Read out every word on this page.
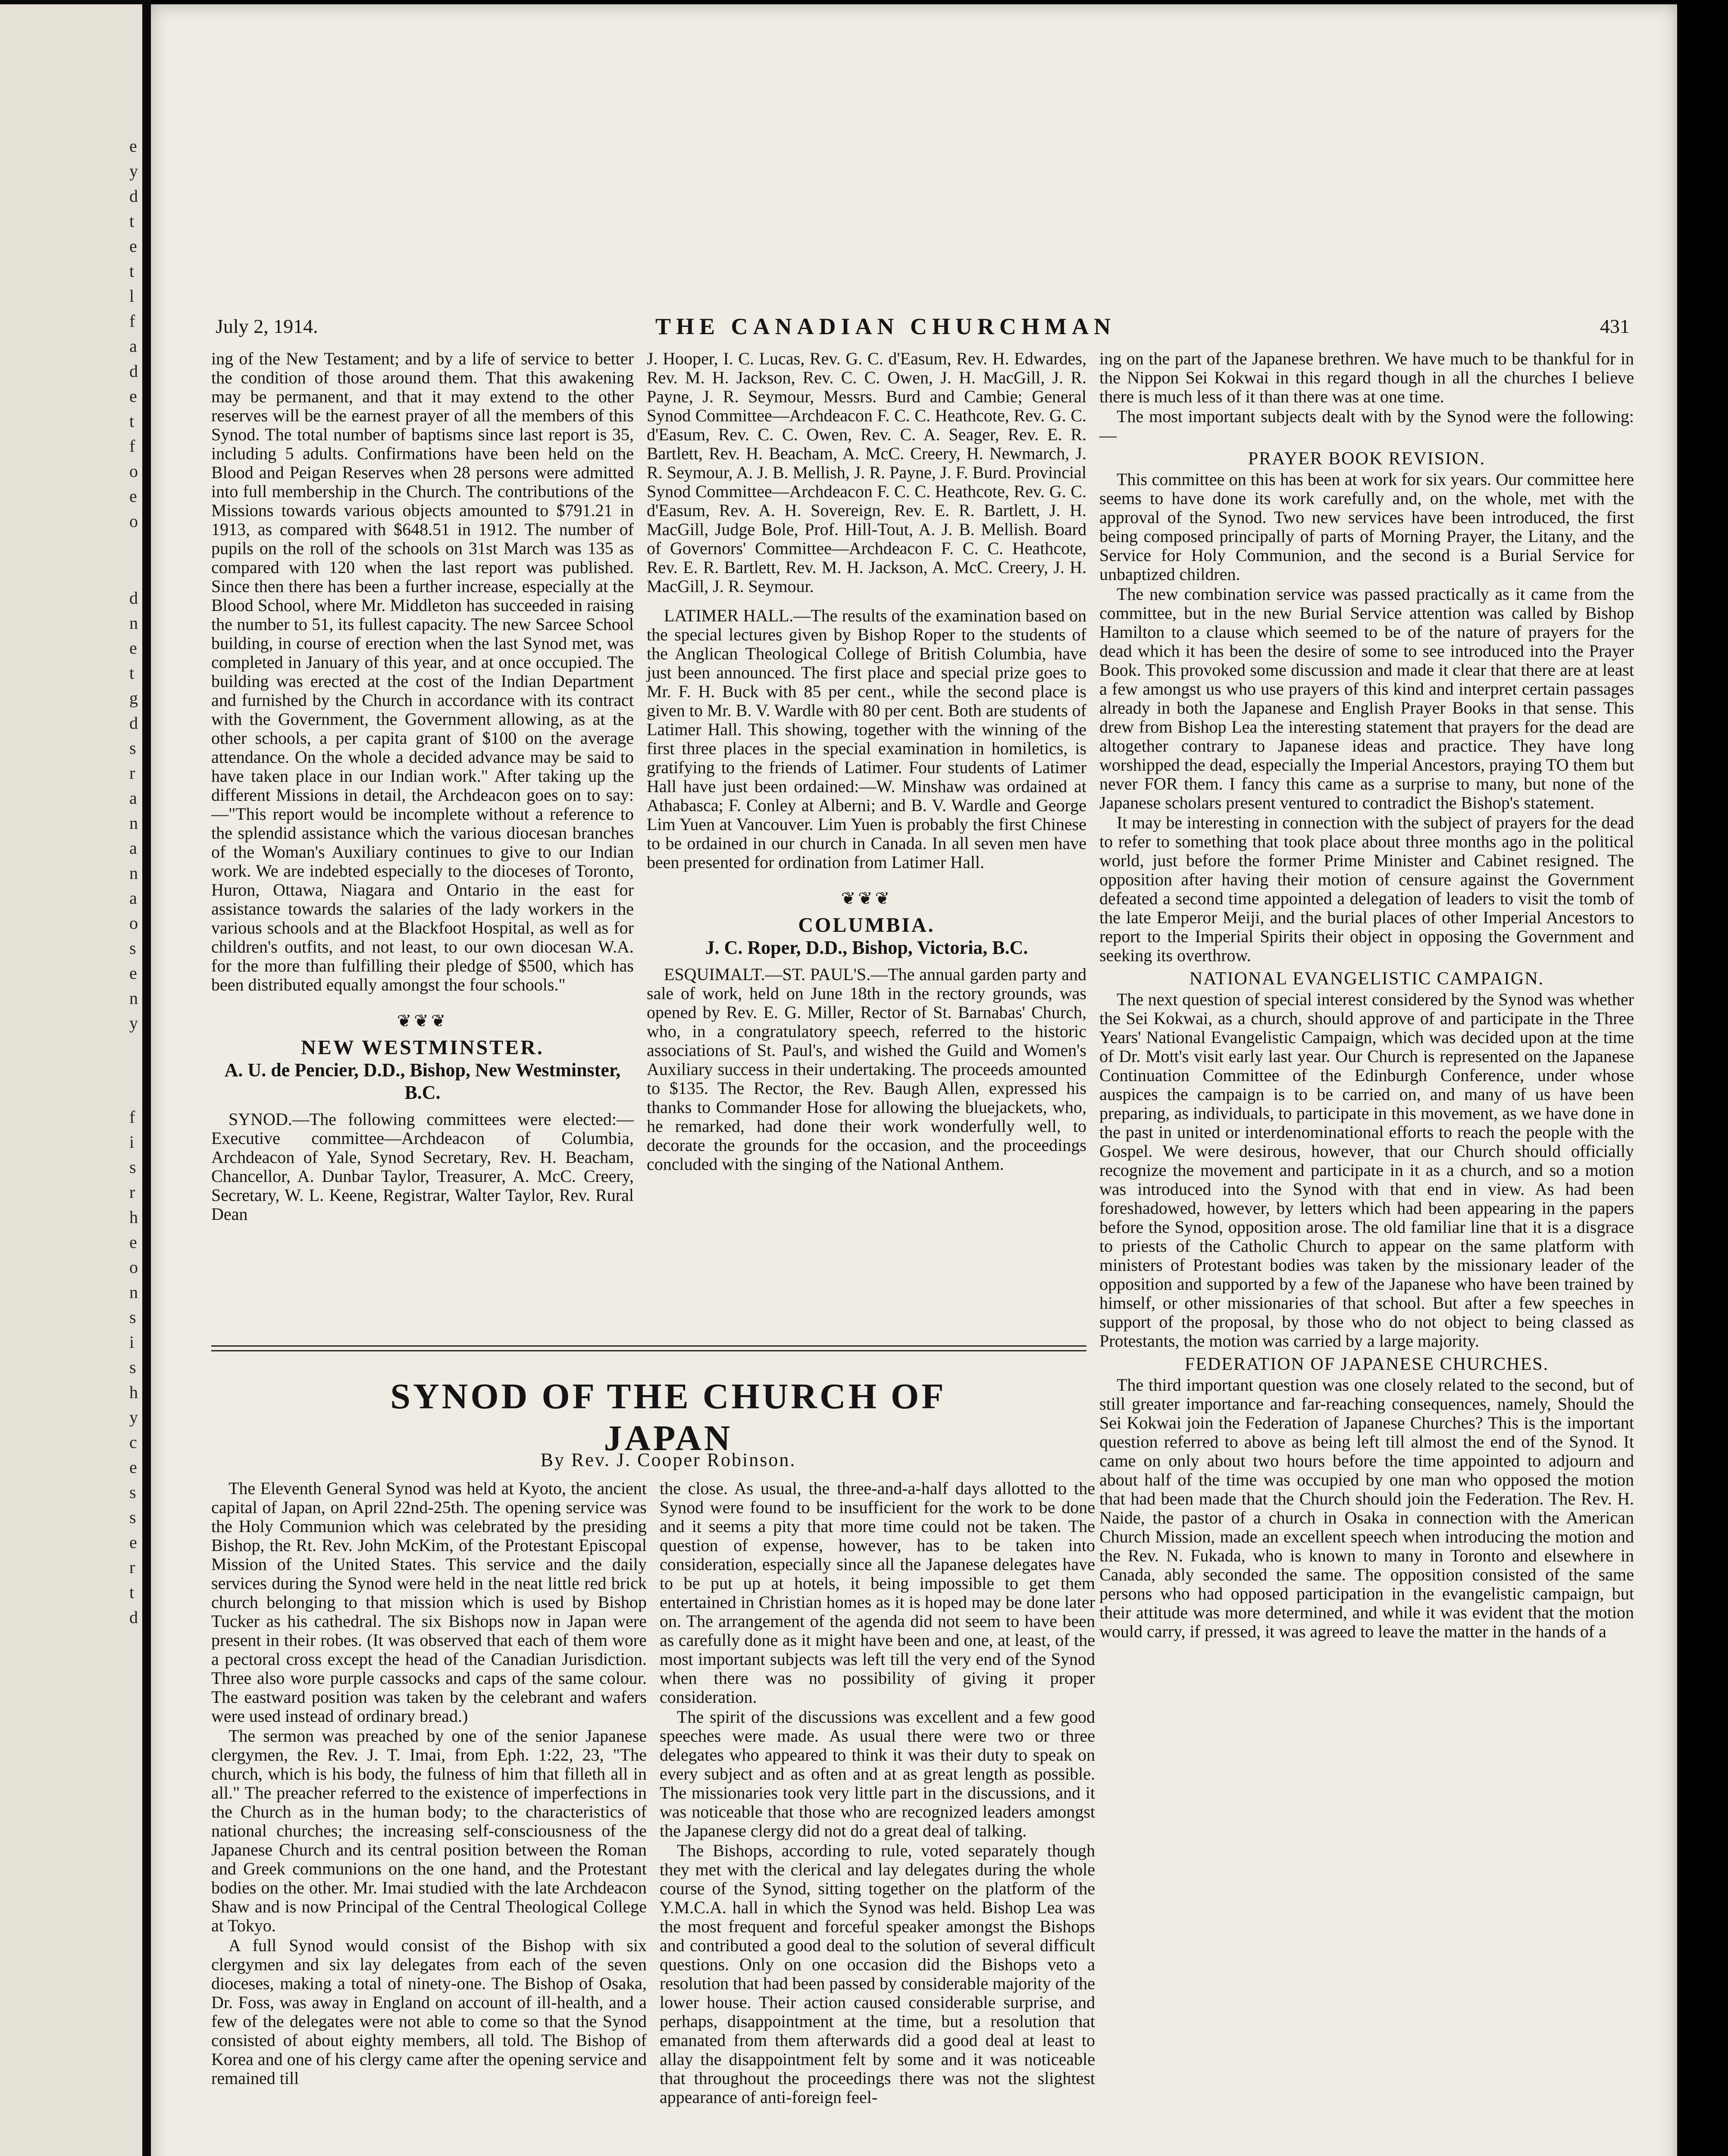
e
y
d
t
e
t
l
f
a
d
e
t
f
o
e
o
d
n
e
t
g
d
s
r
a
n
a
n
a
o
s
e
n
y
f
i
s
r
h
e
o
n
s
i
s
h
y
c
e
s
s
e
r
t
d
July 2, 1914.	THE CANADIAN CHURCHMAN	431

ing of the New Testament; and by a life of service to better the condition of those around them. That this awakening may be permanent, and that it may extend to the other reserves will be the earnest prayer of all the members of this Synod. The total number of baptisms since last report is 35, including 5 adults. Confirmations have been held on the Blood and Peigan Reserves when 28 persons were admitted into full membership in the Church. The contributions of the Missions towards various objects amounted to $791.21 in 1913, as compared with $648.51 in 1912. The number of pupils on the roll of the schools on 31st March was 135 as compared with 120 when the last report was published. Since then there has been a further increase, especially at the Blood School, where Mr. Middleton has succeeded in raising the number to 51, its fullest capacity. The new Sarcee School building, in course of erection when the last Synod met, was completed in January of this year, and at once occupied. The building was erected at the cost of the Indian Department and furnished by the Church in accordance with its contract with the Government, the Government allowing, as at the other schools, a per capita grant of $100 on the average attendance. On the whole a decided advance may be said to have taken place in our Indian work." After taking up the different Missions in detail, the Archdeacon goes on to say:—"This report would be incomplete without a reference to the splendid assistance which the various diocesan branches of the Woman's Auxiliary continues to give to our Indian work. We are indebted especially to the dioceses of Toronto, Huron, Ottawa, Niagara and Ontario in the east for assistance towards the salaries of the lady workers in the various schools and at the Blackfoot Hospital, as well as for children's outfits, and not least, to our own diocesan W.A. for the more than fulfilling their pledge of $500, which has been distributed equally amongst the four schools."

❦❦❦
NEW WESTMINSTER.
A. U. de Pencier, D.D., Bishop, New Westminster, B.C.

SYNOD.—The following committees were elected:—Executive committee—Archdeacon of Columbia, Archdeacon of Yale, Synod Secretary, Rev. H. Beacham, Chancellor, A. Dunbar Taylor, Treasurer, A. McC. Creery, Secretary, W. L. Keene, Registrar, Walter Taylor, Rev. Rural Dean

J. Hooper, I. C. Lucas, Rev. G. C. d'Easum, Rev. H. Edwardes, Rev. M. H. Jackson, Rev. C. C. Owen, J. H. MacGill, J. R. Payne, J. R. Seymour, Messrs. Burd and Cambie; General Synod Committee—Archdeacon F. C. C. Heathcote, Rev. G. C. d'Easum, Rev. C. C. Owen, Rev. C. A. Seager, Rev. E. R. Bartlett, Rev. H. Beacham, A. McC. Creery, H. Newmarch, J. R. Seymour, A. J. B. Mellish, J. R. Payne, J. F. Burd. Provincial Synod Committee—Archdeacon F. C. C. Heathcote, Rev. G. C. d'Easum, Rev. A. H. Sovereign, Rev. E. R. Bartlett, J. H. MacGill, Judge Bole, Prof. Hill-Tout, A. J. B. Mellish. Board of Governors' Committee—Archdeacon F. C. C. Heathcote, Rev. E. R. Bartlett, Rev. M. H. Jackson, A. McC. Creery, J. H. MacGill, J. R. Seymour.

LATIMER HALL.—The results of the examination based on the special lectures given by Bishop Roper to the students of the Anglican Theological College of British Columbia, have just been announced. The first place and special prize goes to Mr. F. H. Buck with 85 per cent., while the second place is given to Mr. B. V. Wardle with 80 per cent. Both are students of Latimer Hall. This showing, together with the winning of the first three places in the special examination in homiletics, is gratifying to the friends of Latimer. Four students of Latimer Hall have just been ordained:—W. Minshaw was ordained at Athabasca; F. Conley at Alberni; and B. V. Wardle and George Lim Yuen at Vancouver. Lim Yuen is probably the first Chinese to be ordained in our church in Canada. In all seven men have been presented for ordination from Latimer Hall.

❦❦❦
COLUMBIA.
J. C. Roper, D.D., Bishop, Victoria, B.C.

ESQUIMALT.—ST. PAUL'S.—The annual garden party and sale of work, held on June 18th in the rectory grounds, was opened by Rev. E. G. Miller, Rector of St. Barnabas' Church, who, in a congratulatory speech, referred to the historic associations of St. Paul's, and wished the Guild and Women's Auxiliary success in their undertaking. The proceeds amounted to $135. The Rector, the Rev. Baugh Allen, expressed his thanks to Commander Hose for allowing the bluejackets, who, he remarked, had done their work wonderfully well, to decorate the grounds for the occasion, and the proceedings concluded with the singing of the National Anthem.

ing on the part of the Japanese brethren. We have much to be thankful for in the Nippon Sei Kokwai in this regard though in all the churches I believe there is much less of it than there was at one time.

The most important subjects dealt with by the Synod were the following:—

PRAYER BOOK REVISION.

This committee on this has been at work for six years. Our committee here seems to have done its work carefully and, on the whole, met with the approval of the Synod. Two new services have been introduced, the first being composed principally of parts of Morning Prayer, the Litany, and the Service for Holy Communion, and the second is a Burial Service for unbaptized children.

The new combination service was passed practically as it came from the committee, but in the new Burial Service attention was called by Bishop Hamilton to a clause which seemed to be of the nature of prayers for the dead which it has been the desire of some to see introduced into the Prayer Book. This provoked some discussion and made it clear that there are at least a few amongst us who use prayers of this kind and interpret certain passages already in both the Japanese and English Prayer Books in that sense. This drew from Bishop Lea the interesting statement that prayers for the dead are altogether contrary to Japanese ideas and practice. They have long worshipped the dead, especially the Imperial Ancestors, praying TO them but never FOR them. I fancy this came as a surprise to many, but none of the Japanese scholars present ventured to contradict the Bishop's statement.

It may be interesting in connection with the subject of prayers for the dead to refer to something that took place about three months ago in the political world, just before the former Prime Minister and Cabinet resigned. The opposition after having their motion of censure against the Government defeated a second time appointed a delegation of leaders to visit the tomb of the late Emperor Meiji, and the burial places of other Imperial Ancestors to report to the Imperial Spirits their object in opposing the Government and seeking its overthrow.

NATIONAL EVANGELISTIC CAMPAIGN.

The next question of special interest considered by the Synod was whether the Sei Kokwai, as a church, should approve of and participate in the Three Years' National Evangelistic Campaign, which was decided upon at the time of Dr. Mott's visit early last year. Our Church is represented on the Japanese Continuation Committee of the Edinburgh Conference, under whose auspices the campaign is to be carried on, and many of us have been preparing, as individuals, to participate in this movement, as we have done in the past in united or interdenominational efforts to reach the people with the Gospel. We were desirous, however, that our Church should officially recognize the movement and participate in it as a church, and so a motion was introduced into the Synod with that end in view. As had been foreshadowed, however, by letters which had been appearing in the papers before the Synod, opposition arose. The old familiar line that it is a disgrace to priests of the Catholic Church to appear on the same platform with ministers of Protestant bodies was taken by the missionary leader of the opposition and supported by a few of the Japanese who have been trained by himself, or other missionaries of that school. But after a few speeches in support of the proposal, by those who do not object to being classed as Protestants, the motion was carried by a large majority.

FEDERATION OF JAPANESE CHURCHES.

The third important question was one closely related to the second, but of still greater importance and far-reaching consequences, namely, Should the Sei Kokwai join the Federation of Japanese Churches? This is the important question referred to above as being left till almost the end of the Synod. It came on only about two hours before the time appointed to adjourn and about half of the time was occupied by one man who opposed the motion that had been made that the Church should join the Federation. The Rev. H. Naide, the pastor of a church in Osaka in connection with the American Church Mission, made an excellent speech when introducing the motion and the Rev. N. Fukada, who is known to many in Toronto and elsewhere in Canada, ably seconded the same. The opposition consisted of the same persons who had opposed participation in the evangelistic campaign, but their attitude was more determined, and while it was evident that the motion would carry, if pressed, it was agreed to leave the matter in the hands of a

SYNOD OF THE CHURCH OF JAPAN
By Rev. J. Cooper Robinson.

The Eleventh General Synod was held at Kyoto, the ancient capital of Japan, on April 22nd-25th. The opening service was the Holy Communion which was celebrated by the presiding Bishop, the Rt. Rev. John McKim, of the Protestant Episcopal Mission of the United States. This service and the daily services during the Synod were held in the neat little red brick church belonging to that mission which is used by Bishop Tucker as his cathedral. The six Bishops now in Japan were present in their robes. (It was observed that each of them wore a pectoral cross except the head of the Canadian Jurisdiction. Three also wore purple cassocks and caps of the same colour. The eastward position was taken by the celebrant and wafers were used instead of ordinary bread.)

The sermon was preached by one of the senior Japanese clergymen, the Rev. J. T. Imai, from Eph. 1:22, 23, "The church, which is his body, the fulness of him that filleth all in all." The preacher referred to the existence of imperfections in the Church as in the human body; to the characteristics of national churches; the increasing self-consciousness of the Japanese Church and its central position between the Roman and Greek communions on the one hand, and the Protestant bodies on the other. Mr. Imai studied with the late Archdeacon Shaw and is now Principal of the Central Theological College at Tokyo.

A full Synod would consist of the Bishop with six clergymen and six lay delegates from each of the seven dioceses, making a total of ninety-one. The Bishop of Osaka, Dr. Foss, was away in England on account of ill-health, and a few of the delegates were not able to come so that the Synod consisted of about eighty members, all told. The Bishop of Korea and one of his clergy came after the opening service and remained till

the close. As usual, the three-and-a-half days allotted to the Synod were found to be insufficient for the work to be done and it seems a pity that more time could not be taken. The question of expense, however, has to be taken into consideration, especially since all the Japanese delegates have to be put up at hotels, it being impossible to get them entertained in Christian homes as it is hoped may be done later on. The arrangement of the agenda did not seem to have been as carefully done as it might have been and one, at least, of the most important subjects was left till the very end of the Synod when there was no possibility of giving it proper consideration.

The spirit of the discussions was excellent and a few good speeches were made. As usual there were two or three delegates who appeared to think it was their duty to speak on every subject and as often and at as great length as possible. The missionaries took very little part in the discussions, and it was noticeable that those who are recognized leaders amongst the Japanese clergy did not do a great deal of talking.

The Bishops, according to rule, voted separately though they met with the clerical and lay delegates during the whole course of the Synod, sitting together on the platform of the Y.M.C.A. hall in which the Synod was held. Bishop Lea was the most frequent and forceful speaker amongst the Bishops and contributed a good deal to the solution of several difficult questions. Only on one occasion did the Bishops veto a resolution that had been passed by considerable majority of the lower house. Their action caused considerable surprise, and perhaps, disappointment at the time, but a resolution that emanated from them afterwards did a good deal at least to allay the disappointment felt by some and it was noticeable that throughout the proceedings there was not the slightest appearance of anti-foreign feel-
